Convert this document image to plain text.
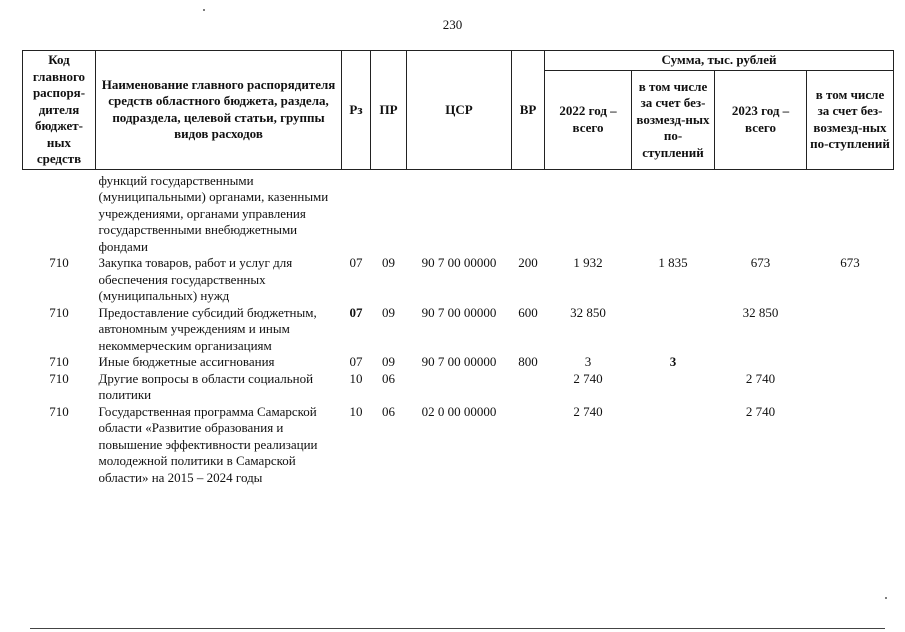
230
Код главного распоря-дителя бюджет-ных средств	Наименование главного распорядителя средств областного бюджета, раздела, подраздела, целевой статьи, группы видов расходов	Рз	ПР	ЦСР	ВР	Сумма, тыс. рублей			
						2022 год – всего	в том числе за счет без-возмезд-ных по-ступлений	2023 год – всего	в том числе за счет без-возмезд-ных по-ступлений
	функций государственными (муниципальными) органами, казенными учреждениями, органами управления государственными внебюджетными фондами								
710	Закупка товаров, работ и услуг для обеспечения государственных (муниципальных) нужд	07	09	90 7 00 00000	200	1 932	1 835	673	673
710	Предоставление субсидий бюджетным, автономным учреждениям и иным некоммерческим организациям	07	09	90 7 00 00000	600	32 850		32 850	
710	Иные бюджетные ассигнования	07	09	90 7 00 00000	800	3	3		
710	Другие вопросы в области социальной политики	10	06			2 740		2 740	
710	Государственная программа Самарской области «Развитие образования и повышение эффективности реализации молодежной политики в Самарской области» на 2015 – 2024 годы	10	06	02 0 00 00000		2 740		2 740	
